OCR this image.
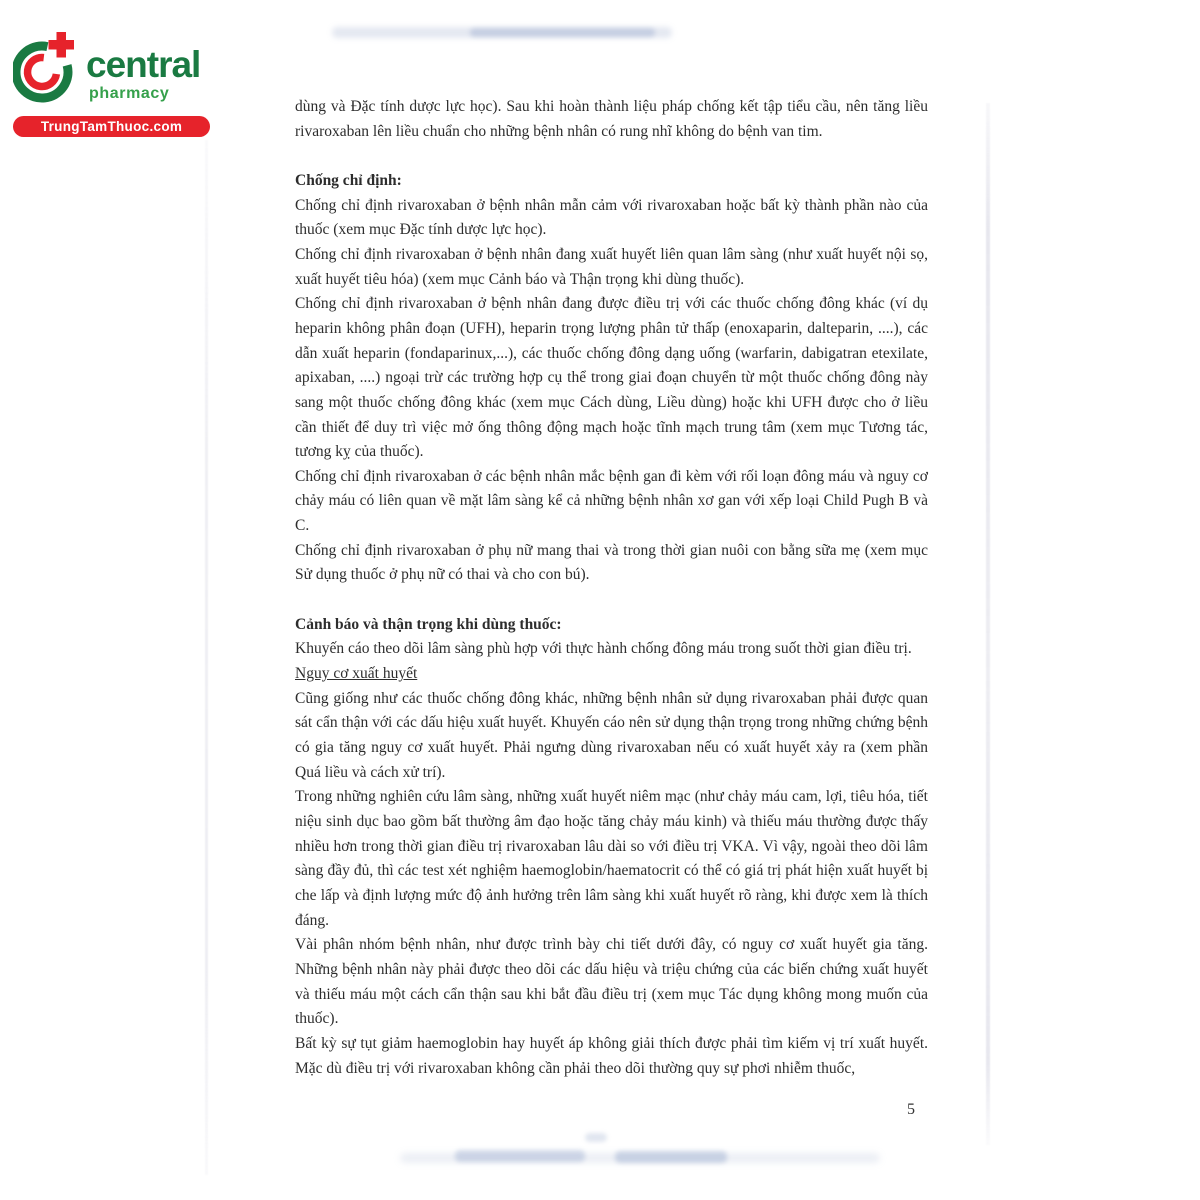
central
pharmacy
TrungTamThuoc.com

dùng và Đặc tính dược lực học). Sau khi hoàn thành liệu pháp chống kết tập tiểu cầu, nên tăng liều rivaroxaban lên liều chuẩn cho những bệnh nhân có rung nhĩ không do bệnh van tim.

Chống chỉ định:

Chống chỉ định rivaroxaban ở bệnh nhân mẫn cảm với rivaroxaban hoặc bất kỳ thành phần nào của thuốc (xem mục Đặc tính dược lực học).

Chống chỉ định rivaroxaban ở bệnh nhân đang xuất huyết liên quan lâm sàng (như xuất huyết nội sọ, xuất huyết tiêu hóa) (xem mục Cảnh báo và Thận trọng khi dùng thuốc).

Chống chỉ định rivaroxaban ở bệnh nhân đang được điều trị với các thuốc chống đông khác (ví dụ heparin không phân đoạn (UFH), heparin trọng lượng phân tử thấp (enoxaparin, dalteparin, ....), các dẫn xuất heparin (fondaparinux,...), các thuốc chống đông dạng uống (warfarin, dabigatran etexilate, apixaban, ....) ngoại trừ các trường hợp cụ thể trong giai đoạn chuyển từ một thuốc chống đông này sang một thuốc chống đông khác (xem mục Cách dùng, Liều dùng) hoặc khi UFH được cho ở liều cần thiết để duy trì việc mở ống thông động mạch hoặc tĩnh mạch trung tâm (xem mục Tương tác, tương kỵ của thuốc).

Chống chỉ định rivaroxaban ở các bệnh nhân mắc bệnh gan đi kèm với rối loạn đông máu và nguy cơ chảy máu có liên quan về mặt lâm sàng kể cả những bệnh nhân xơ gan với xếp loại Child Pugh B và C.

Chống chỉ định rivaroxaban ở phụ nữ mang thai và trong thời gian nuôi con bằng sữa mẹ (xem mục Sử dụng thuốc ở phụ nữ có thai và cho con bú).

Cảnh báo và thận trọng khi dùng thuốc:

Khuyến cáo theo dõi lâm sàng phù hợp với thực hành chống đông máu trong suốt thời gian điều trị.

Nguy cơ xuất huyết

Cũng giống như các thuốc chống đông khác, những bệnh nhân sử dụng rivaroxaban phải được quan sát cẩn thận với các dấu hiệu xuất huyết. Khuyến cáo nên sử dụng thận trọng trong những chứng bệnh có gia tăng nguy cơ xuất huyết. Phải ngưng dùng rivaroxaban nếu có xuất huyết xảy ra (xem phần Quá liều và cách xử trí).

Trong những nghiên cứu lâm sàng, những xuất huyết niêm mạc (như chảy máu cam, lợi, tiêu hóa, tiết niệu sinh dục bao gồm bất thường âm đạo hoặc tăng chảy máu kinh) và thiếu máu thường được thấy nhiều hơn trong thời gian điều trị rivaroxaban lâu dài so với điều trị VKA. Vì vậy, ngoài theo dõi lâm sàng đầy đủ, thì các test xét nghiệm haemoglobin/haematocrit có thể có giá trị phát hiện xuất huyết bị che lấp và định lượng mức độ ảnh hưởng trên lâm sàng khi xuất huyết rõ ràng, khi được xem là thích đáng.

Vài phân nhóm bệnh nhân, như được trình bày chi tiết dưới đây, có nguy cơ xuất huyết gia tăng. Những bệnh nhân này phải được theo dõi các dấu hiệu và triệu chứng của các biến chứng xuất huyết và thiếu máu một cách cẩn thận sau khi bắt đầu điều trị (xem mục Tác dụng không mong muốn của thuốc).

Bất kỳ sự tụt giảm haemoglobin hay huyết áp không giải thích được phải tìm kiếm vị trí xuất huyết. Mặc dù điều trị với rivaroxaban không cần phải theo dõi thường quy sự phơi nhiễm thuốc,

5
